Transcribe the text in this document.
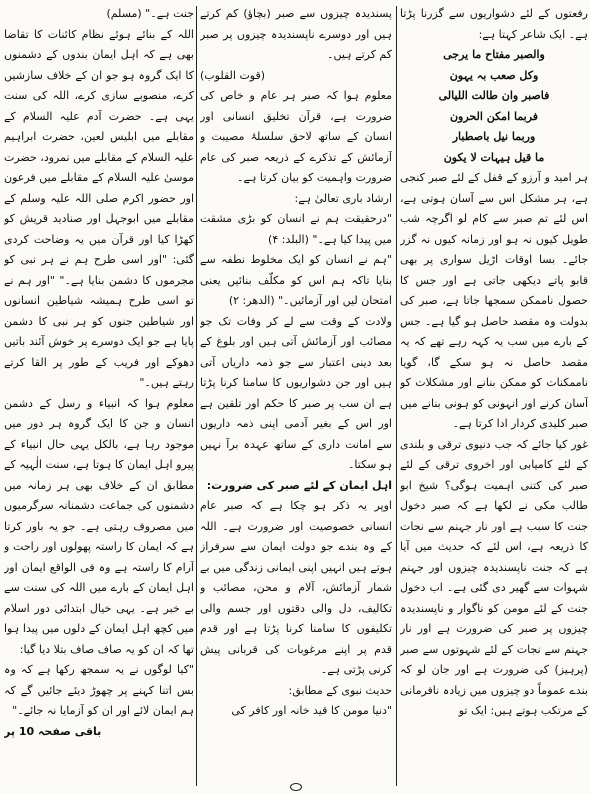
رفعتوں کے لئے دشواریوں سے گزرنا پڑتا ہے۔ ایک شاعر کہتا ہے:

والصبر مفتاح ما یرجی

وکل صعب بہ یہون

فاصبر وان طالت اللیالی

فربما امکن الحرون

وربما نیل باصطبار

ما قیل ہیہات لا یکون

ہر امید و آرزو کے قفل کے لئے صبر کنجی ہے، ہر مشکل اس سے آسان ہوتی ہے، اس لئے تم صبر سے کام لو اگرچہ شب طویل کیوں نہ ہو اور زمانہ کیوں نہ گزر جائے۔ بسا اوقات اڑیل سواری پر بھی قابو پاتے دیکھی جاتی ہے اور جس کا حصول ناممکن سمجھا جاتا ہے، صبر کی بدولت وہ مقصد حاصل ہو گیا ہے۔ جس کے بارے میں سب یہ کہہ رہے تھے کہ یہ مقصد حاصل نہ ہو سکے گا، گویا ناممکنات کو ممکن بنانے اور مشکلات کو آسان کرنے اور انہونی کو ہونی بنانے میں صبر کلیدی کردار ادا کرتا ہے۔

غور کیا جائے کہ جب دنیوی ترقی و بلندی کے لئے کامیابی اور اخروی ترقی کے لئے صبر کی کتنی اہمیت ہوگی؟ شیخ ابو طالب مکی نے لکھا ہے کہ صبر دخول جنت کا سبب ہے اور نار جہنم سے نجات کا ذریعہ ہے، اس لئے کہ حدیث میں آیا ہے کہ جنت ناپسندیدہ چیزوں اور جہنم شہوات سے گھیر دی گئی ہے۔ اب دخول جنت کے لئے مومن کو ناگوار و ناپسندیدہ چیزوں پر صبر کی ضرورت ہے اور نار جہنم سے نجات کے لئے شہوتوں سے صبر (پرہیز) کی ضرورت ہے اور جان لو کہ بندے عموماً دو چیزوں میں زیادہ نافرمانی کے مرتکب ہوتے ہیں: ایک تو

پسندیدہ چیزوں سے صبر (بچاؤ) کم کرتے ہیں اور دوسرے ناپسندیدہ چیزوں پر صبر کم کرتے ہیں۔

(قوت القلوب)

معلوم ہوا کہ صبر ہر عام و خاص کی ضرورت ہے، قرآن تخلیق انسانی اور انسان کے ساتھ لاحق سلسلۂ مصیبت و آزمائش کے تذکرے کے ذریعہ صبر کی عام ضرورت واہمیت کو بیان کرتا ہے۔

ارشاد باری تعالیٰ ہے:

"درحقیقت ہم نے انسان کو بڑی مشقت میں پیدا کیا ہے۔" (البلد: ۴)

"ہم نے انسان کو ایک مخلوط نطفہ سے بنایا تاکہ ہم اس کو مکلّف بنائیں یعنی امتحان لیں اور آزمائیں۔" (الدھر: ۲)

ولادت کے وقت سے لے کر وفات تک جو مصائب اور آزمائش آتی ہیں اور بلوغ کے بعد دینی اعتبار سے جو ذمہ داریاں آتی ہیں اور جن دشواریوں کا سامنا کرنا پڑتا ہے ان سب پر صبر کا حکم اور تلقین ہے اور اس کے بغیر آدمی اپنی ذمہ داریوں سے امانت داری کے ساتھ عہدہ برآ نہیں ہو سکتا۔

اہل ایمان کے لئے صبر کی ضرورت:

اوپر یہ ذکر ہو چکا ہے کہ صبر عام انسانی خصوصیت اور ضرورت ہے۔ اللہ کے وہ بندے جو دولت ایمان سے سرفراز ہوتے ہیں انہیں اپنی ایمانی زندگی میں بے شمار آزمائش، آلام و محن، مصائب و تکالیف، دل والی دقتوں اور جسم والی تکلیفوں کا سامنا کرنا پڑتا ہے اور قدم قدم پر اپنے مرغوبات کی قربانی پیش کرنی پڑتی ہے۔

حدیث نبوی کے مطابق:

"دنیا مومن کا قید خانہ اور کافر کی

جنت ہے۔" (مسلم)

اللہ کے بنائے ہوئے نظام کائنات کا تقاضا بھی ہے کہ اہل ایمان بندوں کے دشمنوں کا ایک گروہ ہو جو ان کے خلاف سازشیں کرے، منصوبے سازی کرے، اللہ کی سنت یہی ہے۔ حضرت آدم علیہ السلام کے مقابلے میں ابلیس لعین، حضرت ابراہیم علیہ السلام کے مقابلے میں نمرود، حضرت موسیٰ علیہ السلام کے مقابلے میں فرعون اور حضور اکرم صلی اللہ علیہ وسلم کے مقابلے میں ابوجہل اور صنادید قریش کو کھڑا کیا اور قرآن میں یہ وضاحت کردی گئی: "اور اسی طرح ہم نے ہر نبی کو مجرموں کا دشمن بنایا ہے۔" "اور ہم نے تو اسی طرح ہمیشہ شیاطین انسانوں اور شیاطین جنوں کو ہر نبی کا دشمن پایا ہے جو ایک دوسرے پر خوش آئند باتیں دھوکے اور فریب کے طور پر القا کرتے رہتے ہیں۔"

معلوم ہوا کہ انبیاء و رسل کے دشمن انسان و جن کا ایک گروہ ہر دور میں موجود رہا ہے، بالکل یہی حال انبیاء کے پیرو اہل ایمان کا ہوتا ہے، سنت الٰہیہ کے مطابق ان کے خلاف بھی ہر زمانہ میں دشمنوں کی جماعت دشمنانہ سرگرمیوں میں مصروف رہتی ہے۔ جو یہ باور کرتا ہے کہ ایمان کا راستہ پھولوں اور راحت و آرام کا راستہ ہے وہ فی الواقع ایمان اور اہل ایمان کے بارے میں اللہ کی سنت سے بے خبر ہے۔ یہی خیال ابتدائی دور اسلام میں کچھ اہل ایمان کے دلوں میں پیدا ہوا تھا کہ ان کو یہ صاف صاف بتلا دیا گیا:

"کیا لوگوں نے یہ سمجھ رکھا ہے کہ وہ بس اتنا کہنے پر چھوڑ دیئے جائیں گے کہ ہم ایمان لائے اور ان کو آزمایا نہ جائے۔"

باقی صفحہ 10 پر
